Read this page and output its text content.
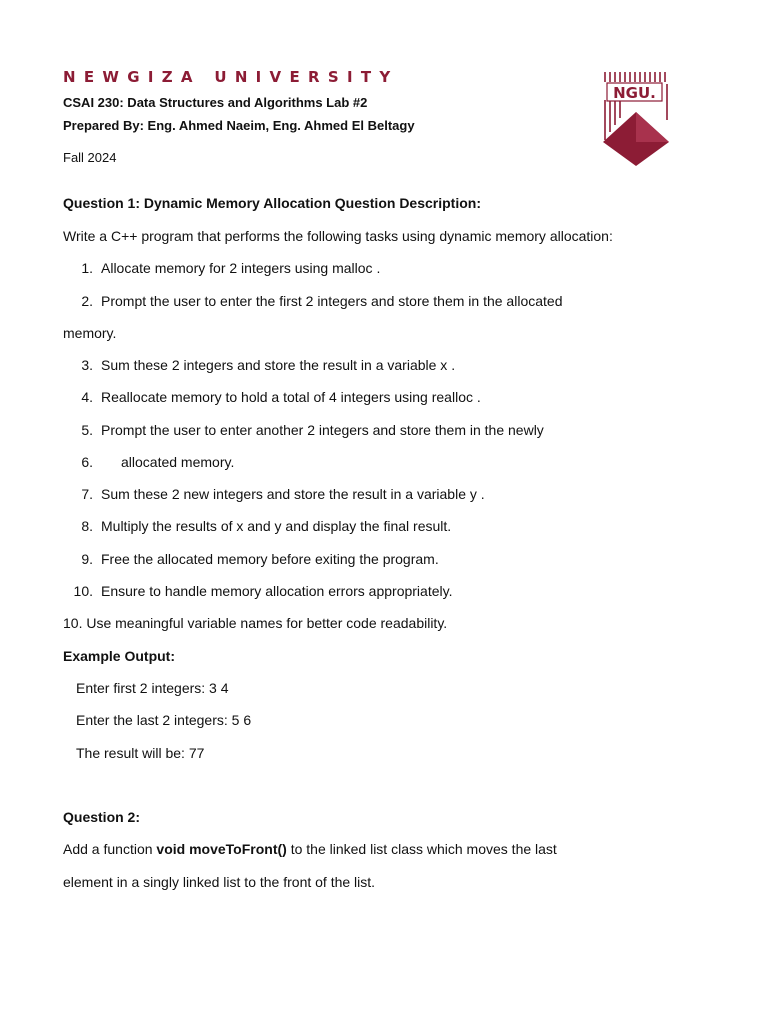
NEWGIZA UNIVERSITY
CSAI 230: Data Structures and Algorithms Lab #2
Prepared By: Eng. Ahmed Naeim, Eng. Ahmed El Beltagy
Fall 2024
NGU.
Question 1: Dynamic Memory Allocation Question Description:
Write a C++ program that performs the following tasks using dynamic memory allocation:
1. Allocate memory for 2 integers using malloc .
2. Prompt the user to enter the first 2 integers and store them in the allocated
memory.
3. Sum these 2 integers and store the result in a variable x .
4. Reallocate memory to hold a total of 4 integers using realloc .
5. Prompt the user to enter another 2 integers and store them in the newly
6. allocated memory.
7. Sum these 2 new integers and store the result in a variable y .
8. Multiply the results of x and y and display the final result.
9. Free the allocated memory before exiting the program.
10. Ensure to handle memory allocation errors appropriately.
10. Use meaningful variable names for better code readability.
Example Output:
Enter first 2 integers: 3 4
Enter the last 2 integers: 5 6
The result will be: 77
Question 2:
Add a function void moveToFront() to the linked list class which moves the last
element in a singly linked list to the front of the list.
